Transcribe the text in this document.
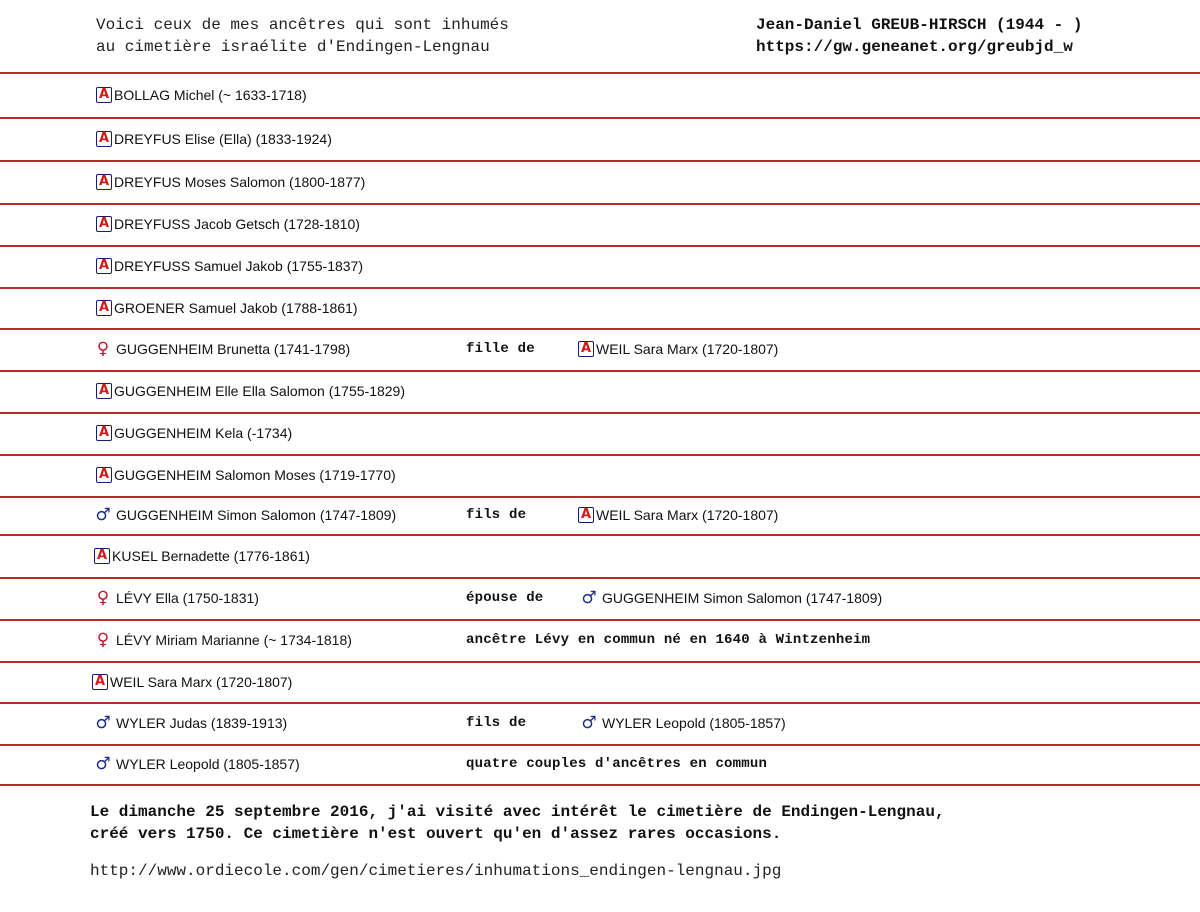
Voici ceux de mes ancêtres qui sont inhumés
au cimetière israélite d'Endingen-Lengnau
Jean-Daniel GREUB-HIRSCH (1944 - )
https://gw.geneanet.org/greubjd_w
A BOLLAG Michel (~ 1633-1718)
A DREYFUS Elise (Ella) (1833-1924)
A DREYFUS Moses Salomon (1800-1877)
A DREYFUSS Jacob Getsch (1728-1810)
A DREYFUSS Samuel Jakob (1755-1837)
A GROENER Samuel Jakob (1788-1861)
♀ GUGGENHEIM Brunetta (1741-1798)	fille de	A WEIL Sara Marx (1720-1807)
A GUGGENHEIM Elle Ella Salomon (1755-1829)
A GUGGENHEIM Kela (-1734)
A GUGGENHEIM Salomon Moses (1719-1770)
♂ GUGGENHEIM Simon Salomon (1747-1809)	fils de	A WEIL Sara Marx (1720-1807)
A KUSEL Bernadette (1776-1861)
♀ LÉVY Ella (1750-1831)	épouse de ♂ GUGGENHEIM Simon Salomon (1747-1809)
♀ LÉVY Miriam Marianne (~ 1734-1818)	ancêtre Lévy en commun né en 1640 à Wintzenheim
A WEIL Sara Marx (1720-1807)
♂ WYLER Judas (1839-1913)	fils de	♂ WYLER Leopold (1805-1857)
♂ WYLER Leopold (1805-1857)	quatre couples d'ancêtres en commun
Le dimanche 25 septembre 2016, j'ai visité avec intérêt le cimetière de Endingen-Lengnau,
créé vers 1750. Ce cimetière n'est ouvert qu'en d'assez rares occasions.
http://www.ordiecole.com/gen/cimetieres/inhumations_endingen-lengnau.jpg
